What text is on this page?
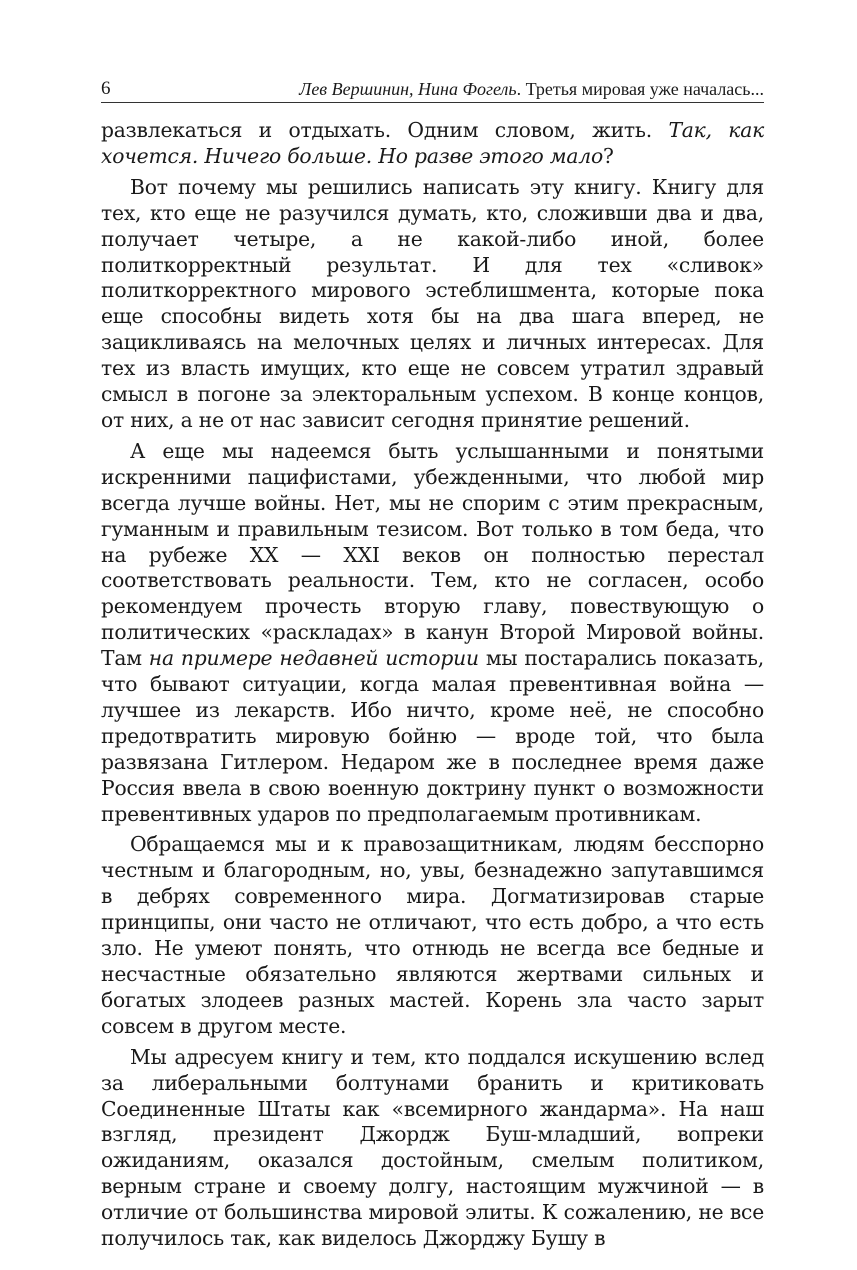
6	Лев Вершинин, Нина Фогель. Третья мировая уже началась...

развлекаться и отдыхать. Одним словом, жить. Так, как хочется. Ничего больше. Но разве этого мало?

Вот почему мы решились написать эту книгу. Книгу для тех, кто еще не разучился думать, кто, сложивши два и два, получает четыре, а не какой-либо иной, более политкорректный результат. И для тех «сливок» политкорректного мирового эстеблишмента, которые пока еще способны видеть хотя бы на два шага вперед, не зацикливаясь на мелочных целях и личных интересах. Для тех из власть имущих, кто еще не совсем утратил здравый смысл в погоне за электоральным успехом. В конце концов, от них, а не от нас зависит сегодня принятие решений.

А еще мы надеемся быть услышанными и понятыми искренними пацифистами, убежденными, что любой мир всегда лучше войны. Нет, мы не спорим с этим прекрасным, гуманным и правильным тезисом. Вот только в том беда, что на рубеже XX — XXI веков он полностью перестал соответствовать реальности. Тем, кто не согласен, особо рекомендуем прочесть вторую главу, повествующую о политических «раскладах» в канун Второй Мировой войны. Там на примере недавней истории мы постарались показать, что бывают ситуации, когда малая превентивная война — лучшее из лекарств. Ибо ничто, кроме неё, не способно предотвратить мировую бойню — вроде той, что была развязана Гитлером. Недаром же в последнее время даже Россия ввела в свою военную доктрину пункт о возможности превентивных ударов по предполагаемым противникам.

Обращаемся мы и к правозащитникам, людям бесспорно честным и благородным, но, увы, безнадежно запутавшимся в дебрях современного мира. Догматизировав старые принципы, они часто не отличают, что есть добро, а что есть зло. Не умеют понять, что отнюдь не всегда все бедные и несчастные обязательно являются жертвами сильных и богатых злодеев разных мастей. Корень зла часто зарыт совсем в другом месте.

Мы адресуем книгу и тем, кто поддался искушению вслед за либеральными болтунами бранить и критиковать Соединенные Штаты как «всемирного жандарма». На наш взгляд, президент Джордж Буш-младший, вопреки ожиданиям, оказался достойным, смелым политиком, верным стране и своему долгу, настоящим мужчиной — в отличие от большинства мировой элиты. К сожалению, не все получилось так, как виделось Джорджу Бушу в
